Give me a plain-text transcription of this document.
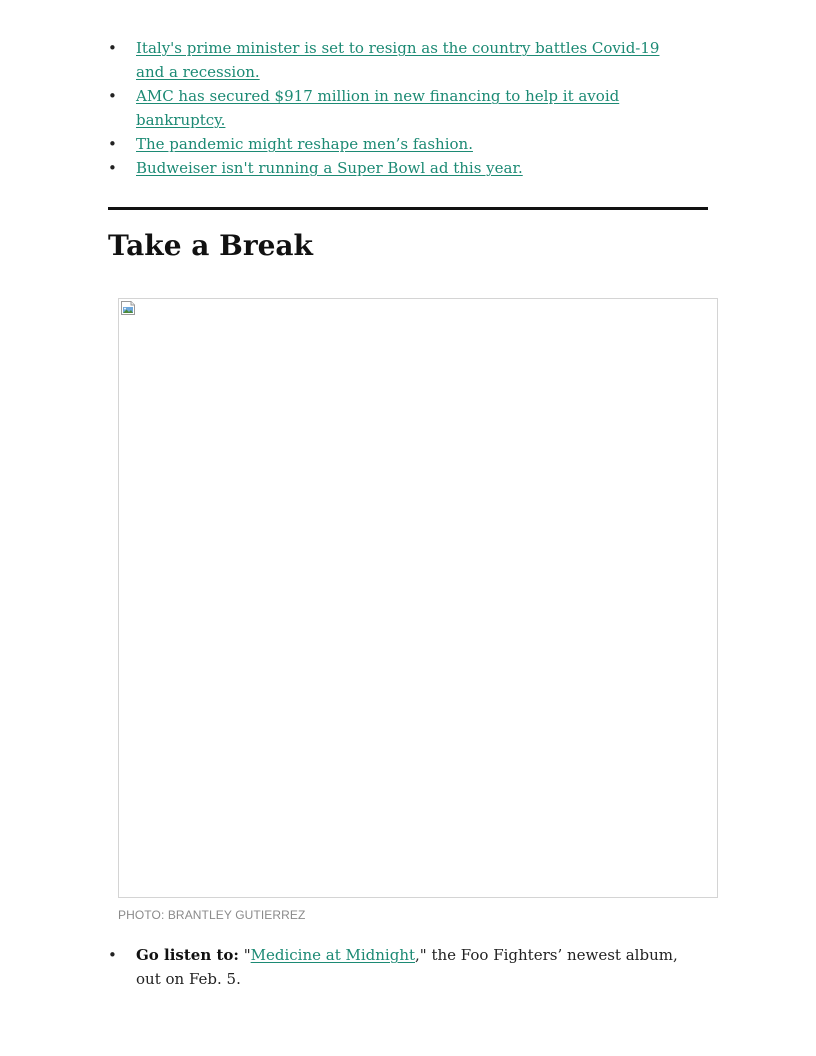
• Italy's prime minister is set to resign as the country battles Covid-19 and a recession.
• AMC has secured $917 million in new financing to help it avoid bankruptcy.
• The pandemic might reshape men’s fashion.
• Budweiser isn't running a Super Bowl ad this year.
Take a Break
PHOTO: BRANTLEY GUTIERREZ
• Go listen to: "Medicine at Midnight," the Foo Fighters’ newest album, out on Feb. 5.
